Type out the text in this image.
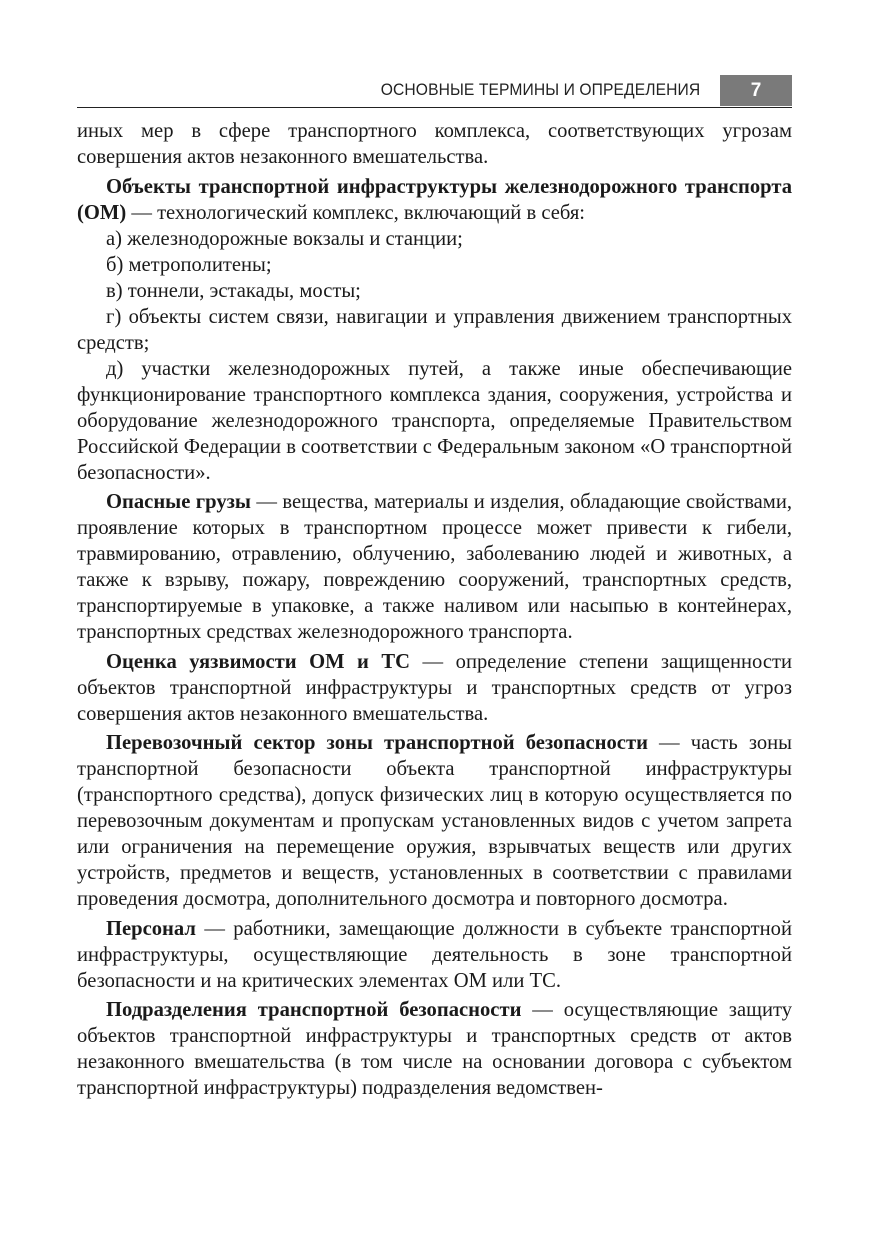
ОСНОВНЫЕ ТЕРМИНЫ И ОПРЕДЕЛЕНИЯ	7

иных мер в сфере транспортного комплекса, соответствующих угрозам совершения актов незаконного вмешательства.

Объекты транспортной инфраструктуры железнодорожного транспорта (ОМ) — технологический комплекс, включающий в себя:

а) железнодорожные вокзалы и станции;

б) метрополитены;

в) тоннели, эстакады, мосты;

г) объекты систем связи, навигации и управления движением транспортных средств;

д) участки железнодорожных путей, а также иные обеспечивающие функционирование транспортного комплекса здания, сооружения, устройства и оборудование железнодорожного транспорта, определяемые Правительством Российской Федерации в соответствии с Федеральным законом «О транспортной безопасности».

Опасные грузы — вещества, материалы и изделия, обладающие свойствами, проявление которых в транспортном процессе может привести к гибели, травмированию, отравлению, облучению, заболеванию людей и животных, а также к взрыву, пожару, повреждению сооружений, транспортных средств, транспортируемые в упаковке, а также наливом или насыпью в контейнерах, транспортных средствах железнодорожного транспорта.

Оценка уязвимости ОМ и ТС — определение степени защищенности объектов транспортной инфраструктуры и транспортных средств от угроз совершения актов незаконного вмешательства.

Перевозочный сектор зоны транспортной безопасности — часть зоны транспортной безопасности объекта транспортной инфраструктуры (транспортного средства), допуск физических лиц в которую осуществляется по перевозочным документам и пропускам установленных видов с учетом запрета или ограничения на перемещение оружия, взрывчатых веществ или других устройств, предметов и веществ, установленных в соответствии с правилами проведения досмотра, дополнительного досмотра и повторного досмотра.

Персонал — работники, замещающие должности в субъекте транспортной инфраструктуры, осуществляющие деятельность в зоне транспортной безопасности и на критических элементах ОМ или ТС.

Подразделения транспортной безопасности — осуществляющие защиту объектов транспортной инфраструктуры и транспортных средств от актов незаконного вмешательства (в том числе на основании договора с субъектом транспортной инфраструктуры) подразделения ведомствен-
